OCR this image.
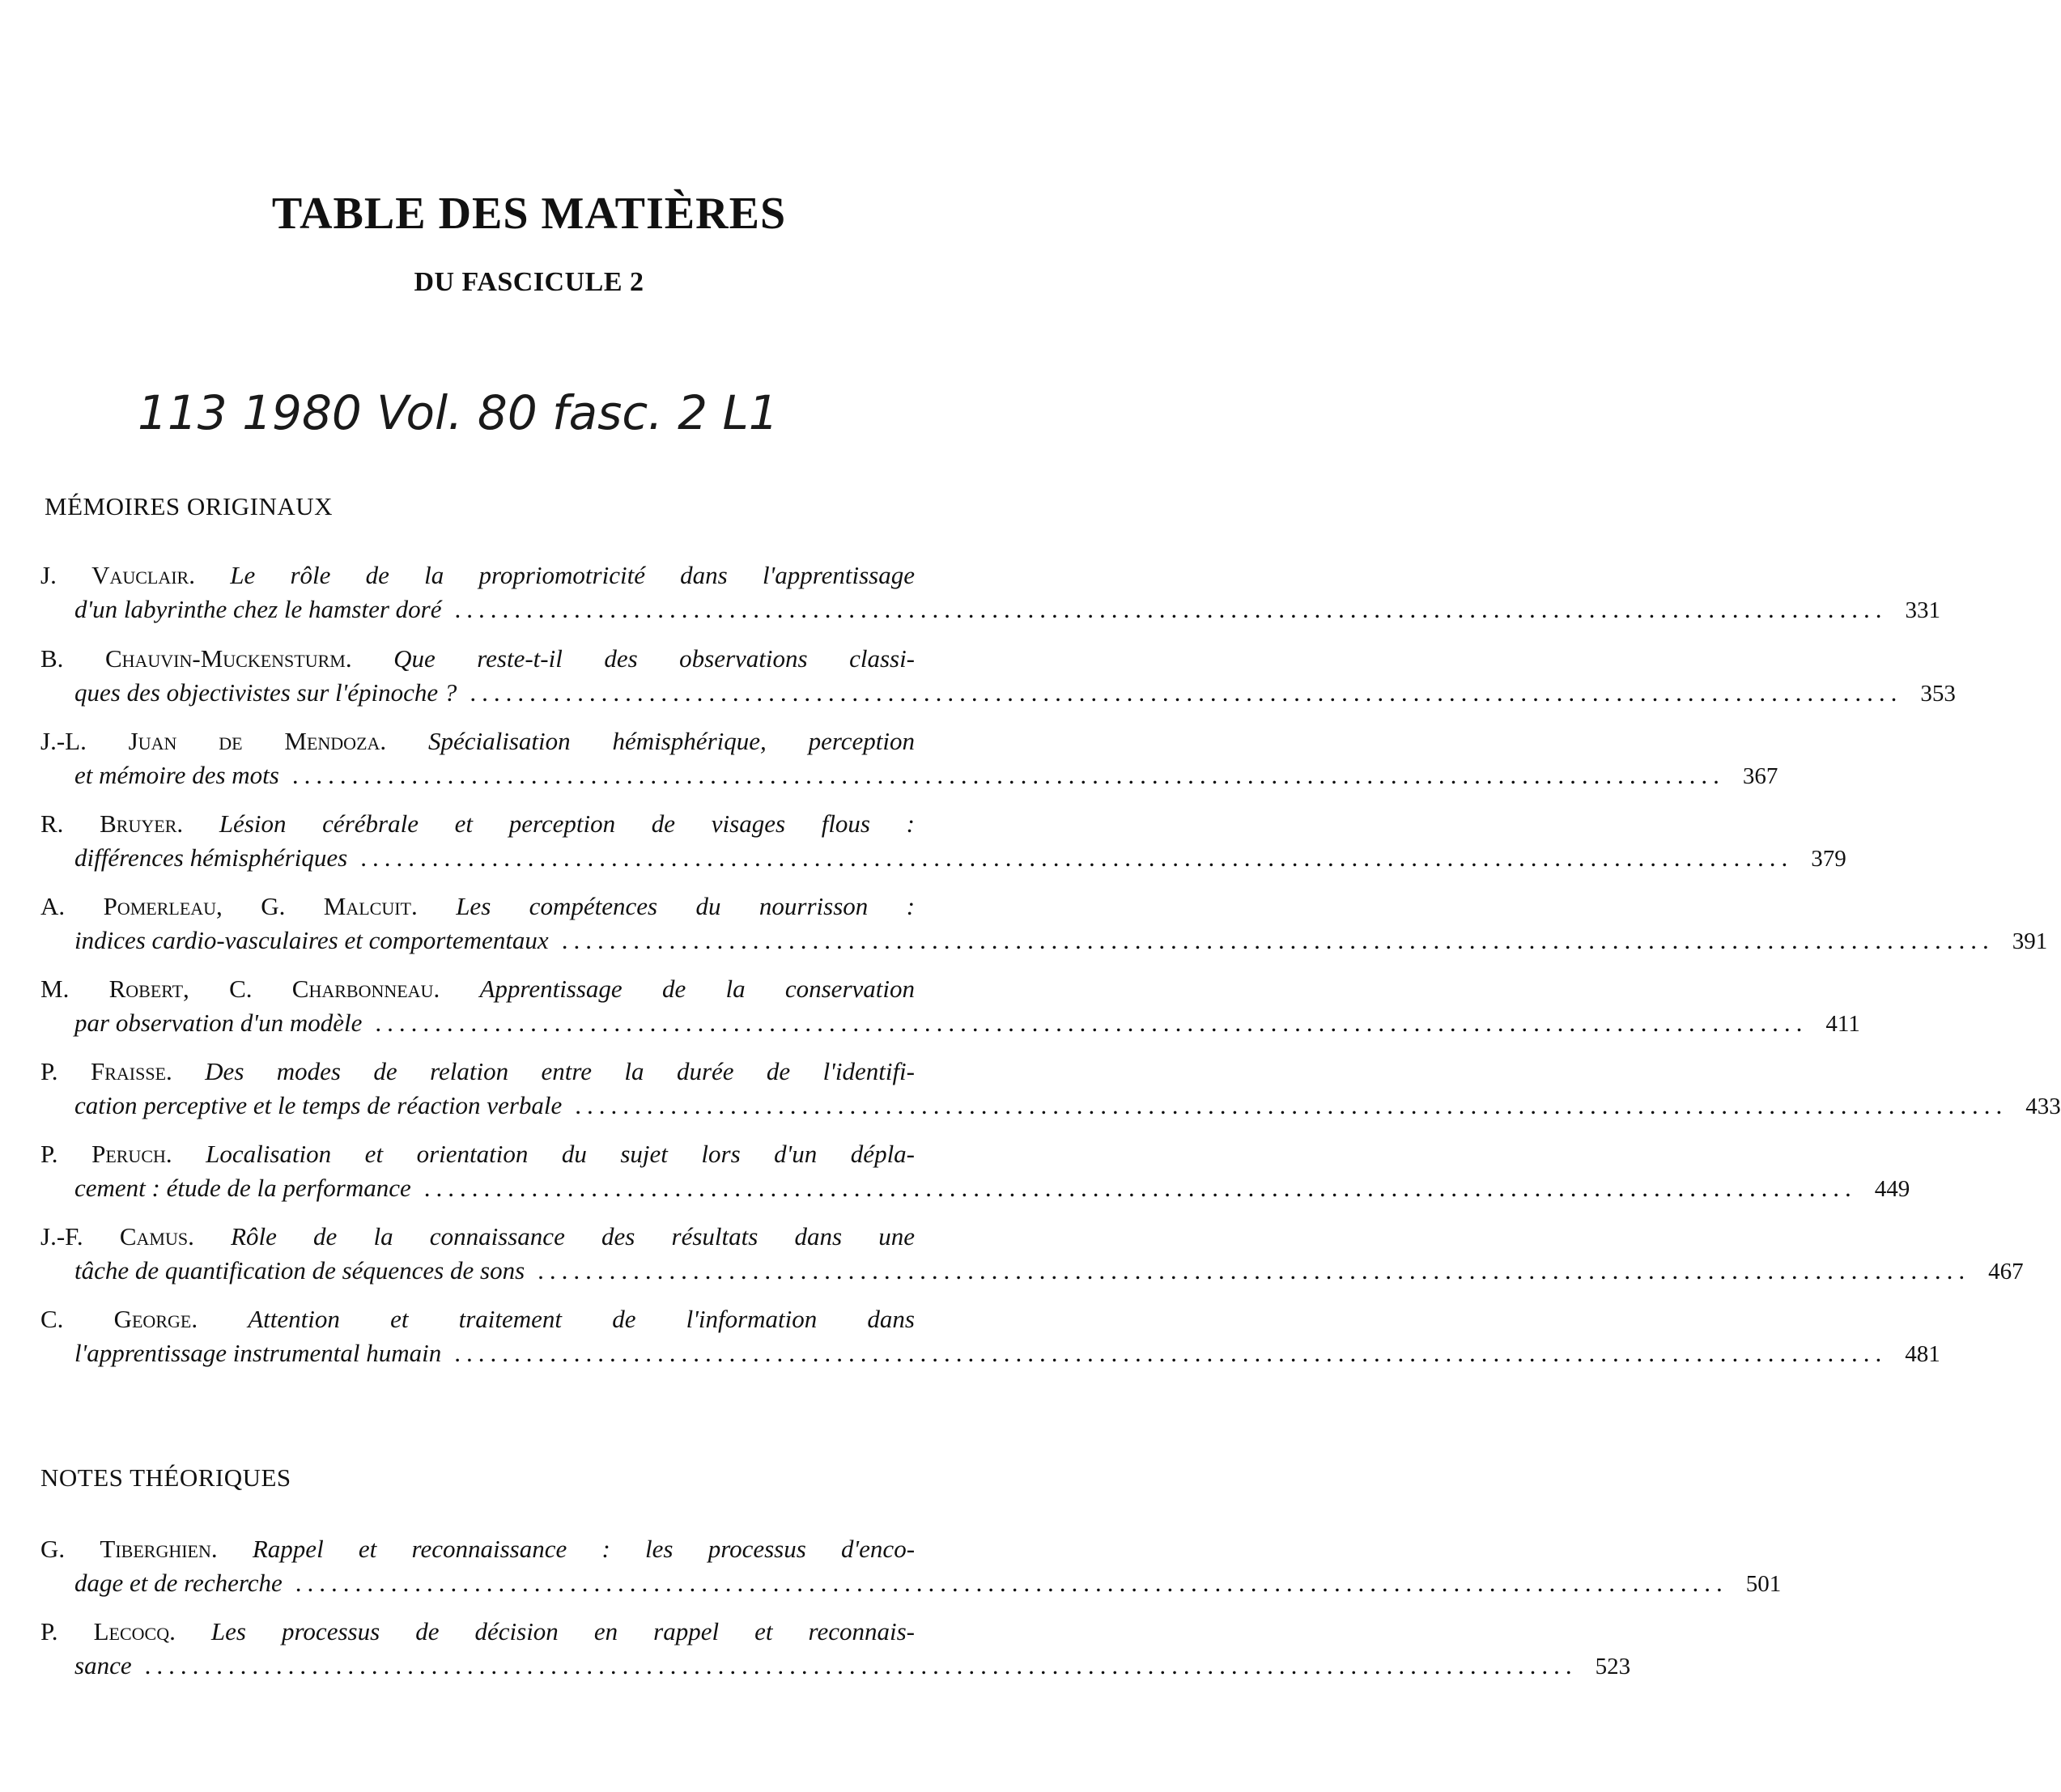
TABLE DES MATIÈRES
DU FASCICULE 2
113 1980 Vol. 80 fasc. 2 L1
MÉMOIRES ORIGINAUX
J. Vauclair. Le rôle de la propriomotricité dans l'apprentissage
d'un labyrinthe chez le hamster doré ........................................................................................................................ 331
B. Chauvin-Muckensturm. Que reste-t-il des observations classi-
ques des objectivistes sur l'épinoche ? ........................................................................................................................ 353
J.-L. Juan de Mendoza. Spécialisation hémisphérique, perception
et mémoire des mots ........................................................................................................................ 367
R. Bruyer. Lésion cérébrale et perception de visages flous :
différences hémisphériques ........................................................................................................................ 379
A. Pomerleau, G. Malcuit. Les compétences du nourrisson :
indices cardio-vasculaires et comportementaux ........................................................................................................................ 391
M. Robert, C. Charbonneau. Apprentissage de la conservation
par observation d'un modèle ........................................................................................................................ 411
P. Fraisse. Des modes de relation entre la durée de l'identifi-
cation perceptive et le temps de réaction verbale ........................................................................................................................ 433
P. Peruch. Localisation et orientation du sujet lors d'un dépla-
cement : étude de la performance ........................................................................................................................ 449
J.-F. Camus. Rôle de la connaissance des résultats dans une
tâche de quantification de séquences de sons ........................................................................................................................ 467
C. George. Attention et traitement de l'information dans
l'apprentissage instrumental humain ........................................................................................................................ 481
NOTES THÉORIQUES
G. Tiberghien. Rappel et reconnaissance : les processus d'enco-
dage et de recherche ........................................................................................................................ 501
P. Lecocq. Les processus de décision en rappel et reconnais-
sance ........................................................................................................................ 523
